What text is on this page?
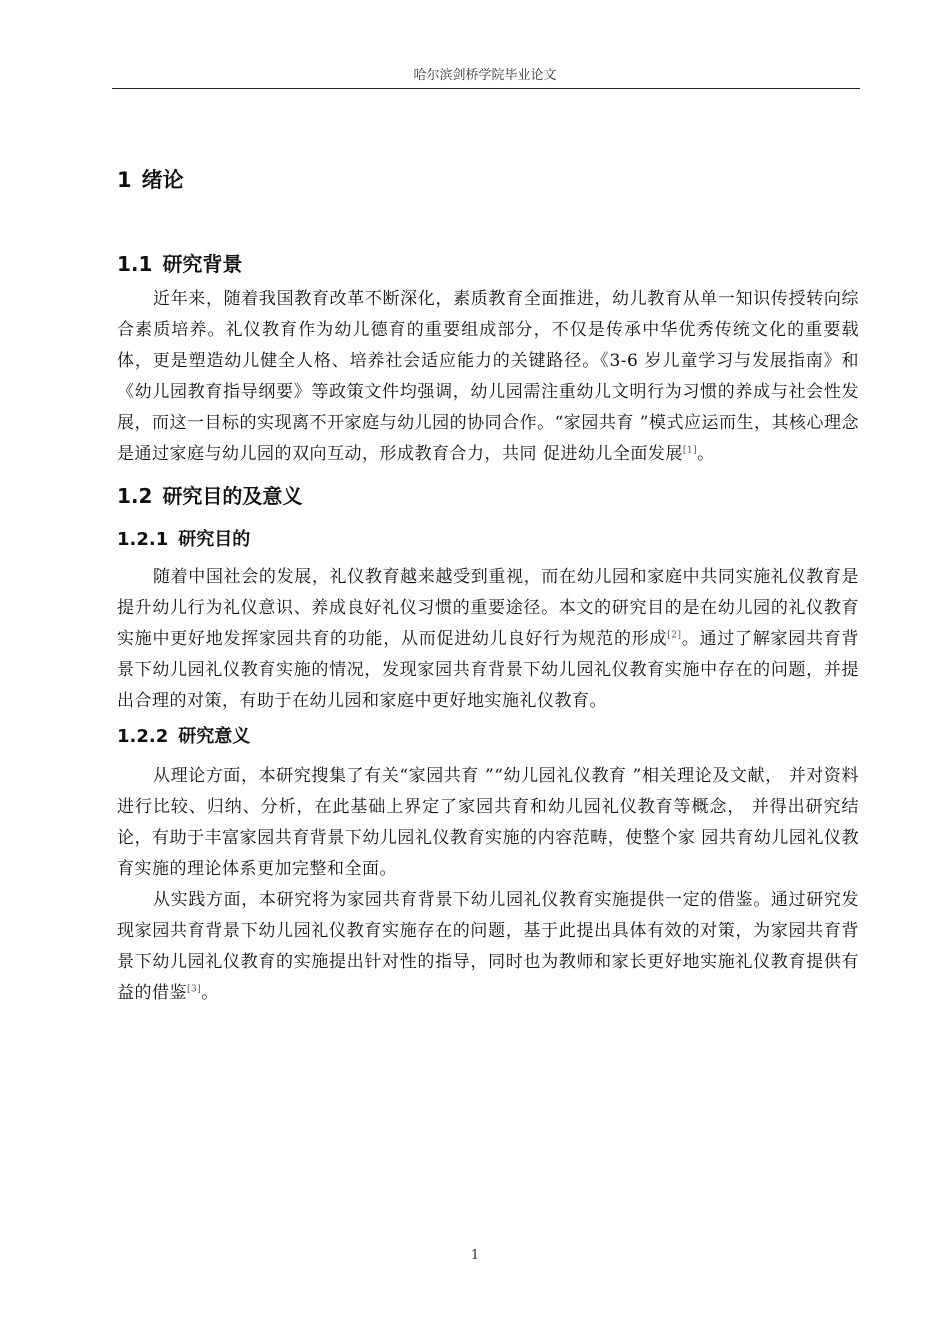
哈尔滨剑桥学院毕业论文
1 绪论
1.1 研究背景

近年来，随着我国教育改革不断深化，素质教育全面推进，幼儿教育从单一知识传授转向综合素质培养。礼仪教育作为幼儿德育的重要组成部分，不仅是传承中华优秀传统文化的重要载体，更是塑造幼儿健全人格、培养社会适应能力的关键路径。《3-6 岁儿童学习与发展指南》和《幼儿园教育指导纲要》等政策文件均强调，幼儿园需注重幼儿文明行为习惯的养成与社会性发展，而这一目标的实现离不开家庭与幼儿园的协同合作。“家园共育 ”模式应运而生，其核心理念是通过家庭与幼儿园的双向互动，形成教育合力，共同 促进幼儿全面发展[1]。

1.2 研究目的及意义
1.2.1 研究目的

随着中国社会的发展，礼仪教育越来越受到重视，而在幼儿园和家庭中共同实施礼仪教育是提升幼儿行为礼仪意识、养成良好礼仪习惯的重要途径。本文的研究目的是在幼儿园的礼仪教育实施中更好地发挥家园共育的功能，从而促进幼儿良好行为规范的形成[2]。通过了解家园共育背景下幼儿园礼仪教育实施的情况，发现家园共育背景下幼儿园礼仪教育实施中存在的问题，并提出合理的对策，有助于在幼儿园和家庭中更好地实施礼仪教育。

1.2.2 研究意义

从理论方面，本研究搜集了有关“家园共育 ”“幼儿园礼仪教育 ”相关理论及文献， 并对资料进行比较、归纳、分析，在此基础上界定了家园共育和幼儿园礼仪教育等概念， 并得出研究结论，有助于丰富家园共育背景下幼儿园礼仪教育实施的内容范畴，使整个家 园共育幼儿园礼仪教育实施的理论体系更加完整和全面。

从实践方面，本研究将为家园共育背景下幼儿园礼仪教育实施提供一定的借鉴。通过研究发现家园共育背景下幼儿园礼仪教育实施存在的问题，基于此提出具体有效的对策，为家园共育背景下幼儿园礼仪教育的实施提出针对性的指导，同时也为教师和家长更好地实施礼仪教育提供有益的借鉴[3]。

1
